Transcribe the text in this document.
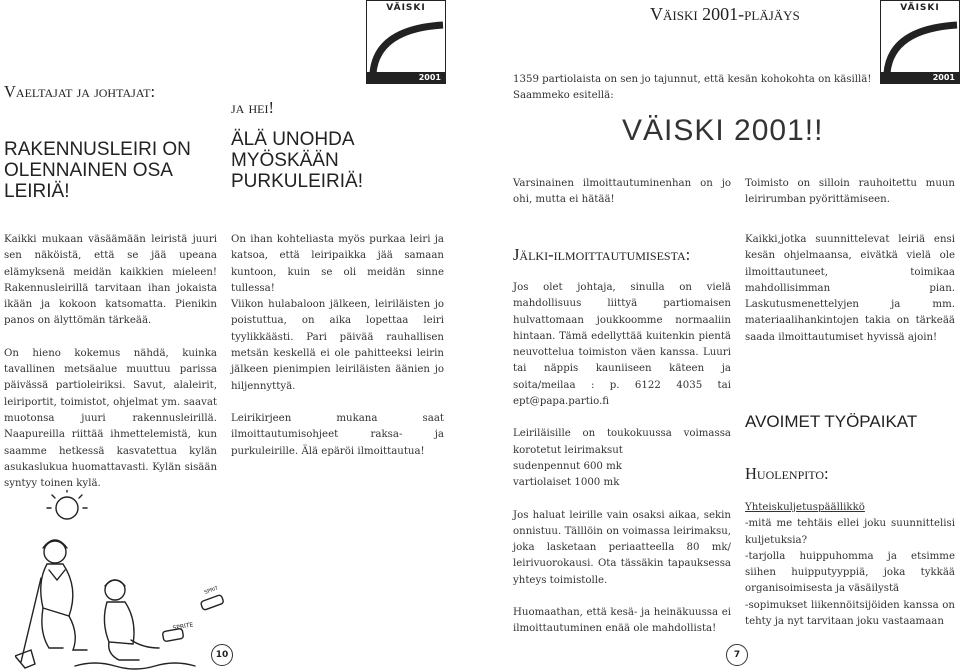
VÄISKI
2001
Vaeltajat ja johtajat:
RAKENNUSLEIRI ON
OLENNAINEN OSA
LEIRIÄ!
ja hei!
ÄLÄ UNOHDA
MYÖSKÄÄN
PURKULEIRIÄ!

Kaikki mukaan väsäämään leiristä juuri sen näköistä, että se jää upeana elämyksenä meidän kaikkien mieleen! Rakennusleirillä tarvitaan ihan jokaista ikään ja kokoon katsomatta. Pienikin panos on älyttömän tärkeää.

On hieno kokemus nähdä, kuinka tavallinen metsäalue muuttuu parissa päivässä partioleiriksi. Savut, alaleirit, leiriportit, toimistot, ohjelmat ym. saavat muotonsa juuri rakennusleirillä. Naapureilla riittää ihmettelemistä, kun saamme hetkessä kasvatettua kylän asukaslukua huomattavasti. Kylän sisään syntyy toinen kylä.

On ihan kohteliasta myös purkaa leiri ja katsoa, että leiripaikka jää samaan kuntoon, kuin se oli meidän sinne tullessa!

Viikon hulabaloon jälkeen, leiriläisten jo poistuttua, on aika lopettaa leiri tyylikkäästi. Pari päivää rauhallisen metsän keskellä ei ole pahitteeksi leirin jälkeen pienimpien leiriläisten äänien jo hiljennyttyä.

Leirikirjeen mukana saat ilmoittautumisohjeet raksa- ja purkuleirille. Älä epäröi ilmoittautua!

SPRITE
SPRIT
10
Väiski 2001-pläjäys	VÄISKI
2001
1359 partiolaista on sen jo tajunnut, että kesän kohokohta on käsillä! Saammeko esitellä:
VÄISKI 2001!!
Varsinainen ilmoittautuminenhan on jo ohi, mutta ei hätää!
Toimisto on silloin rauhoitettu muun leirirumban pyörittämiseen.
Jälki-ilmoittautumisesta:

Jos olet johtaja, sinulla on vielä mahdollisuus liittyä partiomaisen hulvattomaan joukkoomme normaaliin hintaan. Tämä edellyttää kuitenkin pientä neuvottelua toimiston väen kanssa. Luuri tai näppis kauniiseen käteen ja soita/meilaa : p. 6122 4035 tai ept@papa.partio.fi

Leiriläisille on toukokuussa voimassa korotetut leirimaksut
sudenpennut 600 mk
vartiolaiset 1000 mk

Jos haluat leirille vain osaksi aikaa, sekin onnistuu. Tälllöin on voimassa leirimaksu, joka lasketaan periaatteella 80 mk/ leirivuorokausi. Ota tässäkin tapauksessa yhteys toimistolle.

Huomaathan, että kesä- ja heinäkuussa ei ilmoittautuminen enää ole mahdollista!

Kaikki,jotka suunnittelevat leiriä ensi kesän ohjelmaansa, eivätkä vielä ole ilmoittautuneet, toimikaa mahdollisimman pian. Laskutusmenettelyjen ja mm. materiaalihankintojen takia on tärkeää saada ilmoittautumiset hyvissä ajoin!

AVOIMET TYÖPAIKAT
Huolenpito:
Yhteiskuljetuspäällikkö

-mitä me tehtäis ellei joku suunnittelisi kuljetuksia?

-tarjolla huippuhomma ja etsimme siihen huipputyyppiä, joka tykkää organisoimisesta ja väsäilystä

-sopimukset liikennöitsijöiden kanssa on tehty ja nyt tarvitaan joku vastaamaan

7
